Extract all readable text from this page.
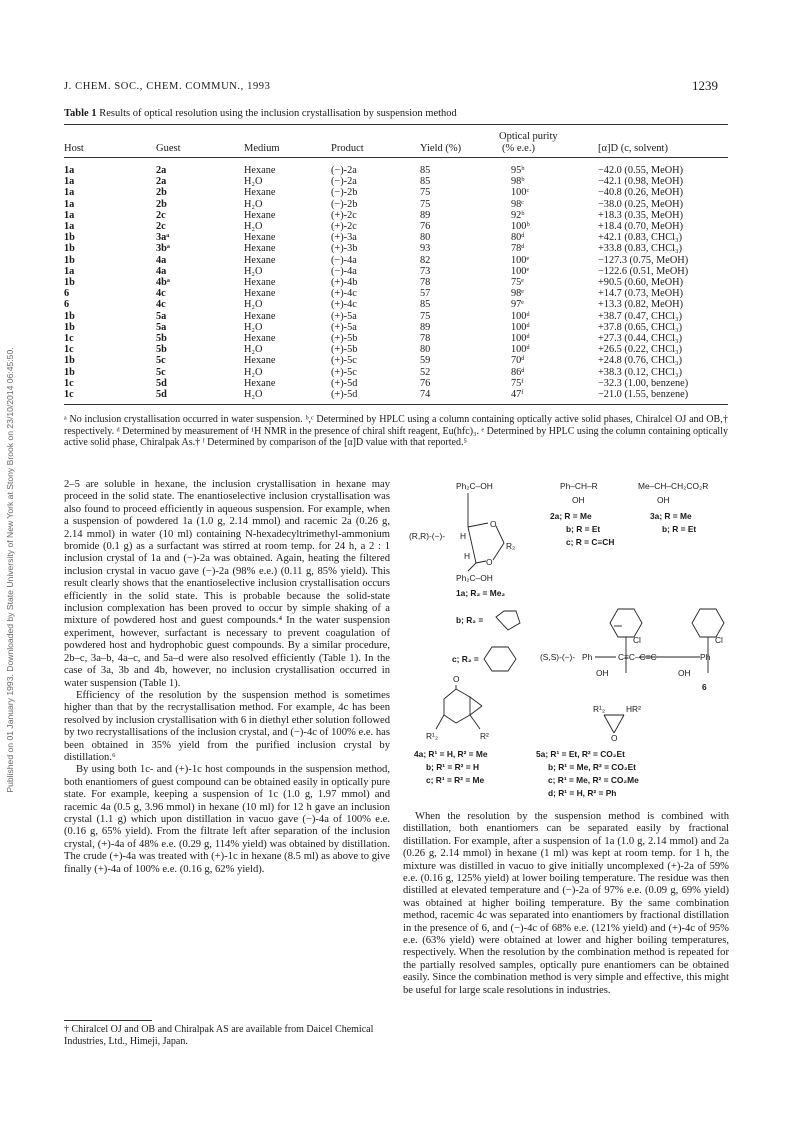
Published on 01 January 1993. Downloaded by State University of New York at Stony Brook on 23/10/2014 06:45:50.
J. CHEM. SOC., CHEM. COMMUN., 1993	1239
Table 1 Results of optical resolution using the inclusion crystallisation by suspension method
Optical purity
Host	Guest	Medium	Product	Yield (%)	(% e.e.)	[α]D (c, solvent)
1a	2a	Hexane	(−)-2a	85	95ᵇ	−42.0 (0.55, MeOH)
1a	2a	H₂O	(−)-2a	85	98ᵇ	−42.1 (0.98, MeOH)
1a	2b	Hexane	(−)-2b	75	100ᶜ	−40.8 (0.26, MeOH)
1a	2b	H₂O	(−)-2b	75	98ᶜ	−38.0 (0.25, MeOH)
1a	2c	Hexane	(+)-2c	89	92ᵇ	+18.3 (0.35, MeOH)
1a	2c	H₂O	(+)-2c	76	100ᵇ	+18.4 (0.70, MeOH)
1b	3aᵃ	Hexane	(+)-3a	80	80ᵈ	+42.1 (0.83, CHCl₃)
1b	3bᵃ	Hexane	(+)-3b	93	78ᵈ	+33.8 (0.83, CHCl₃)
1b	4a	Hexane	(−)-4a	82	100ᵉ	−127.3 (0.75, MeOH)
1a	4a	H₂O	(−)-4a	73	100ᵉ	−122.6 (0.51, MeOH)
1b	4bᵃ	Hexane	(+)-4b	78	75ᵉ	+90.5 (0.60, MeOH)
6	4c	Hexane	(+)-4c	57	98ᵉ	+14.7 (0.73, MeOH)
6	4c	H₂O	(+)-4c	85	97ᵉ	+13.3 (0.82, MeOH)
1b	5a	Hexane	(+)-5a	75	100ᵈ	+38.7 (0.47, CHCl₃)
1b	5a	H₂O	(+)-5a	89	100ᵈ	+37.8 (0.65, CHCl₃)
1c	5b	Hexane	(+)-5b	78	100ᵈ	+27.3 (0.44, CHCl₃)
1c	5b	H₂O	(+)-5b	80	100ᵈ	+26.5 (0.22, CHCl₃)
1b	5c	Hexane	(+)-5c	59	70ᵈ	+24.8 (0.76, CHCl₃)
1b	5c	H₂O	(+)-5c	52	86ᵈ	+38.3 (0.12, CHCl₃)
1c	5d	Hexane	(+)-5d	76	75ᶠ	−32.3 (1.00, benzene)
1c	5d	H₂O	(+)-5d	74	47ᶠ	−21.0 (1.55, benzene)
ᵃ No inclusion crystallisation occurred in water suspension. ᵇ,ᶜ Determined by HPLC using a column containing optically active solid phases, Chiralcel OJ and OB,† respectively. ᵈ Determined by measurement of ¹H NMR in the presence of chiral shift reagent, Eu(hfc)₃. ᵉ Determined by HPLC using the column containing optically active solid phase, Chiralpak As.† ᶠ Determined by comparison of the [α]D value with that reported.⁵

2–5 are soluble in hexane, the inclusion crystallisation in hexane may proceed in the solid state. The enantioselective inclusion crystallisation was also found to proceed efficiently in aqueous suspension. For example, when a suspension of powdered 1a (1.0 g, 2.14 mmol) and racemic 2a (0.26 g, 2.14 mmol) in water (10 ml) containing N-hexadecyltrimethyl-ammonium bromide (0.1 g) as a surfactant was stirred at room temp. for 24 h, a 2 : 1 inclusion crystal of 1a and (−)-2a was obtained. Again, heating the filtered inclusion crystal in vacuo gave (−)-2a (98% e.e.) (0.11 g, 85% yield). This result clearly shows that the enantioselective inclusion crystallisation occurs efficiently in the solid state. This is probable because the solid-state inclusion complexation has been proved to occur by simple shaking of a mixture of powdered host and guest compounds.⁴ In the water suspension experiment, however, surfactant is necessary to prevent coagulation of powdered host and hydrophobic guest compounds. By a similar procedure, 2b–c, 3a–b, 4a–c, and 5a–d were also resolved efficiently (Table 1). In the case of 3a, 3b and 4b, however, no inclusion crystallisation occurred in water suspension (Table 1).

Efficiency of the resolution by the suspension method is sometimes higher than that by the recrystallisation method. For example, 4c has been resolved by inclusion crystallisation with 6 in diethyl ether solution followed by two recrystallisations of the inclusion crystal, and (−)-4c of 100% e.e. has been obtained in 35% yield from the purified inclusion crystal by distillation.⁶

By using both 1c- and (+)-1c host compounds in the suspension method, both enantiomers of guest compound can be obtained easily in optically pure state. For example, keeping a suspension of 1c (1.0 g, 1.97 mmol) and racemic 4a (0.5 g, 3.96 mmol) in hexane (10 ml) for 12 h gave an inclusion crystal (1.1 g) which upon distillation in vacuo gave (−)-4a of 100% e.e. (0.16 g, 65% yield). From the filtrate left after separation of the inclusion crystal, (+)-4a of 48% e.e. (0.29 g, 114% yield) was obtained by distillation. The crude (+)-4a was treated with (+)-1c in hexane (8.5 ml) as above to give finally (+)-4a of 100% e.e. (0.16 g, 62% yield).

† Chiralcel OJ and OB and Chiralpak AS are available from Daicel Chemical Industries, Ltd., Himeji, Japan.

When the resolution by the suspension method is combined with distillation, both enantiomers can be separated easily by fractional distillation. For example, after a suspension of 1a (1.0 g, 2.14 mmol) and 2a (0.26 g, 2.14 mmol) in hexane (1 ml) was kept at room temp. for 1 h, the mixture was distilled in vacuo to give initially uncomplexed (+)-2a of 59% e.e. (0.16 g, 125% yield) at lower boiling temperature. The residue was then distilled at elevated temperature and (−)-2a of 97% e.e. (0.09 g, 69% yield) was obtained at higher boiling temperature. By the same combination method, racemic 4c was separated into enantiomers by fractional distillation in the presence of 6, and (−)-4c of 68% e.e. (121% yield) and (+)-4c of 95% e.e. (63% yield) were obtained at lower and higher boiling temperatures, respectively. When the resolution by the combination method is repeated for the partially resolved samples, optically pure enantiomers can be obtained easily. Since the combination method is very simple and effective, this might be useful for large scale resolutions in industries.

Ph₂C–OH
(R,R)-(−)- H
H
O
O
R₂
Ph₂C–OH
1a; R₂ = Me₂
b; R₂ =
c; R₂ =
Ph–CH–R
OH
2a; R = Me
b; R = Et
c; R = C≡CH
Me–CH–CH₂CO₂R
OH
3a; R = Me
b; R = Et
(S,S)-(−)- Ph	C≡C–C≡C	Ph
Cl	Cl
OH	OH
6
O
R¹₂	R²
4a; R¹ = H, R² = Me
b; R¹ = R² = H
c; R¹ = R² = Me
R¹₂ HR²
O
5a; R¹ = Et, R² = CO₂Et
b; R¹ = Me, R² = CO₂Et
c; R¹ = Me, R² = CO₂Me
d; R¹ = H, R² = Ph
